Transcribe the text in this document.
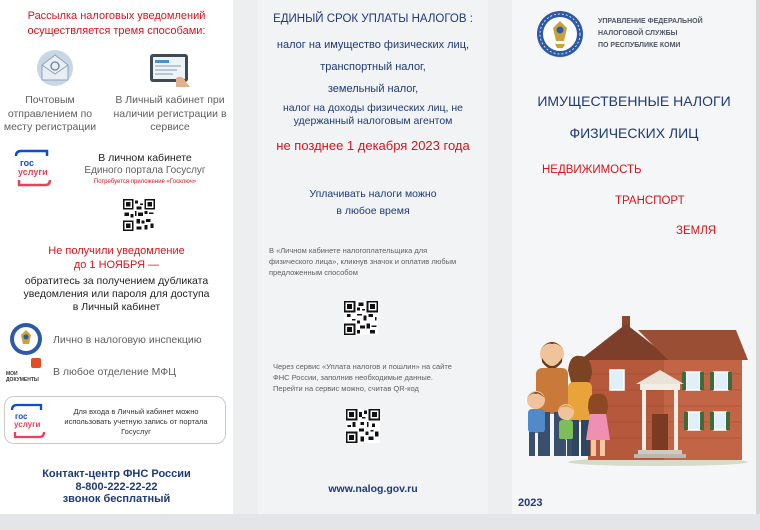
Рассылка налоговых уведомлений
осуществляется тремя способами:
Почтовым
отправлением по
месту регистрации
В Личный кабинет при
наличии регистрации в
сервисе
гос
услуги
В личном кабинете
Единого портала Госуслуг
Потребуется приложение «Госключ»
Не получили уведомление
до 1 НОЯБРЯ —
обратитесь за получением дубликата
уведомления или пароля для доступа
в Личный кабинет
Лично в налоговую инспекцию
МОИ ДОКУМЕНТЫ
В любое отделение МФЦ
гос
услуги
Для входа в Личный кабинет можно
использовать учетную запись от портала
Госуслуг
Контакт-центр ФНС России
8-800-222-22-22
звонок бесплатный
ЕДИНЫЙ СРОК УПЛАТЫ НАЛОГОВ :
налог на имущество физических лиц,
транспортный налог,
земельный налог,
налог на доходы физических лиц, не
удержанный налоговым агентом
не позднее 1 декабря 2023 года
Уплачивать налоги можно
в любое время
В «Личном кабинете налогоплательщика для
физического лица», кликнув значок и оплатив любым
предложенным способом
Через сервис «Уплата налогов и пошлин» на сайте
ФНС России, заполнив необходимые данные.
Перейти на сервис можно, считав QR-код
www.nalog.gov.ru
УПРАВЛЕНИЕ ФЕДЕРАЛЬНОЙ
НАЛОГОВОЙ СЛУЖБЫ
ПО РЕСПУБЛИКЕ КОМИ
ИМУЩЕСТВЕННЫЕ НАЛОГИ
ФИЗИЧЕСКИХ ЛИЦ
НЕДВИЖИМОСТЬ
ТРАНСПОРТ
ЗЕМЛЯ
2023
